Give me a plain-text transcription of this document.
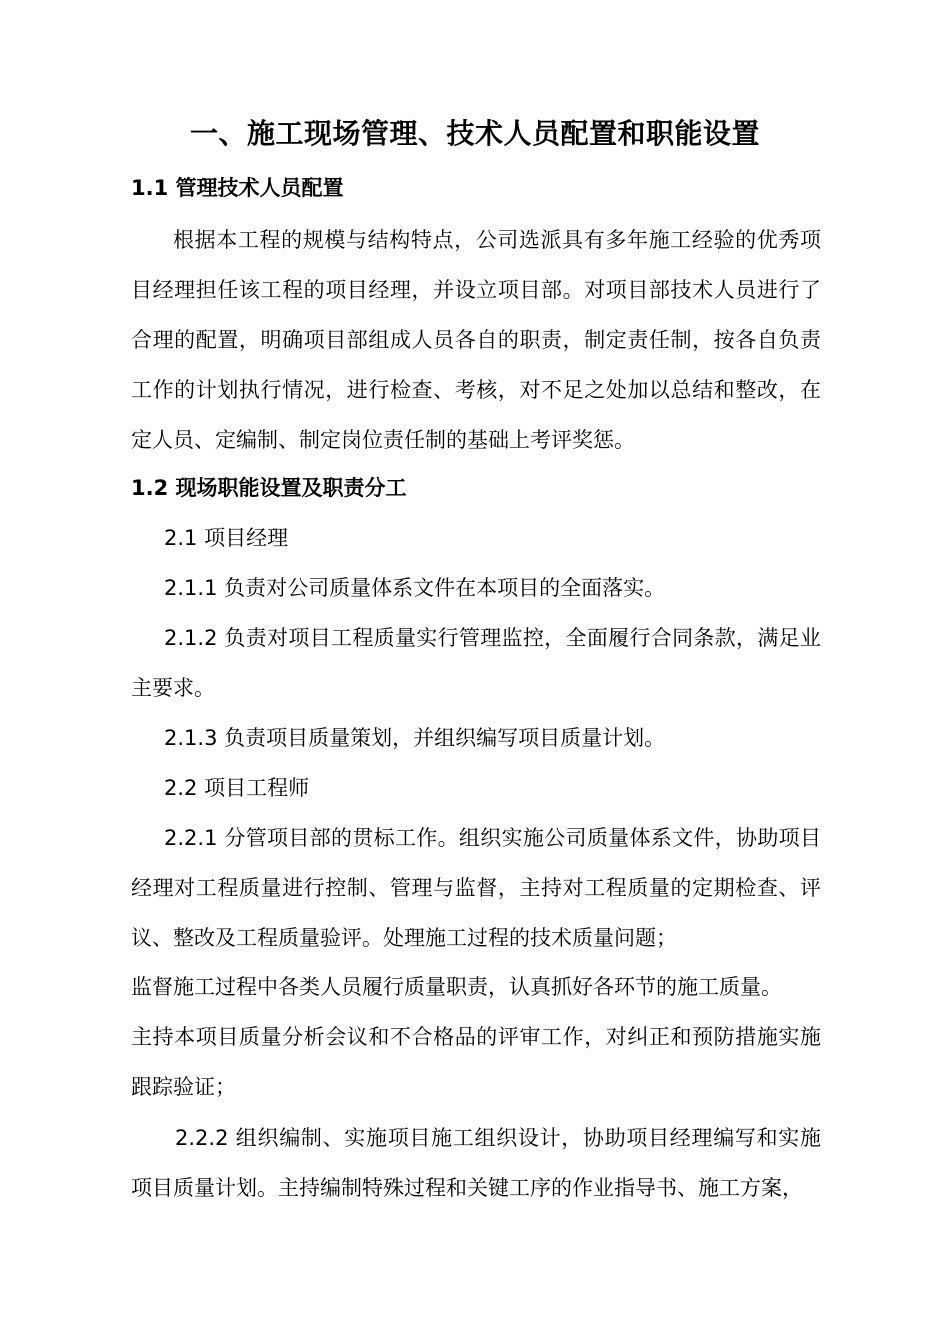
一、施工现场管理、技术人员配置和职能设置
1.1 管理技术人员配置

根据本工程的规模与结构特点，公司选派具有多年施工经验的优秀项目经理担任该工程的项目经理，并设立项目部。对项目部技术人员进行了合理的配置，明确项目部组成人员各自的职责，制定责任制，按各自负责工作的计划执行情况，进行检查、考核，对不足之处加以总结和整改，在定人员、定编制、制定岗位责任制的基础上考评奖惩。

1.2 现场职能设置及职责分工

2.1 项目经理

2.1.1 负责对公司质量体系文件在本项目的全面落实。

2.1.2 负责对项目工程质量实行管理监控，全面履行合同条款，满足业主要求。

2.1.3 负责项目质量策划，并组织编写项目质量计划。

2.2 项目工程师

2.2.1 分管项目部的贯标工作。组织实施公司质量体系文件，协助项目经理对工程质量进行控制、管理与监督，主持对工程质量的定期检查、评议、整改及工程质量验评。处理施工过程的技术质量问题；

监督施工过程中各类人员履行质量职责，认真抓好各环节的施工质量。

主持本项目质量分析会议和不合格品的评审工作，对纠正和预防措施实施跟踪验证；

2.2.2 组织编制、实施项目施工组织设计，协助项目经理编写和实施项目质量计划。主持编制特殊过程和关键工序的作业指导书、施工方案，
